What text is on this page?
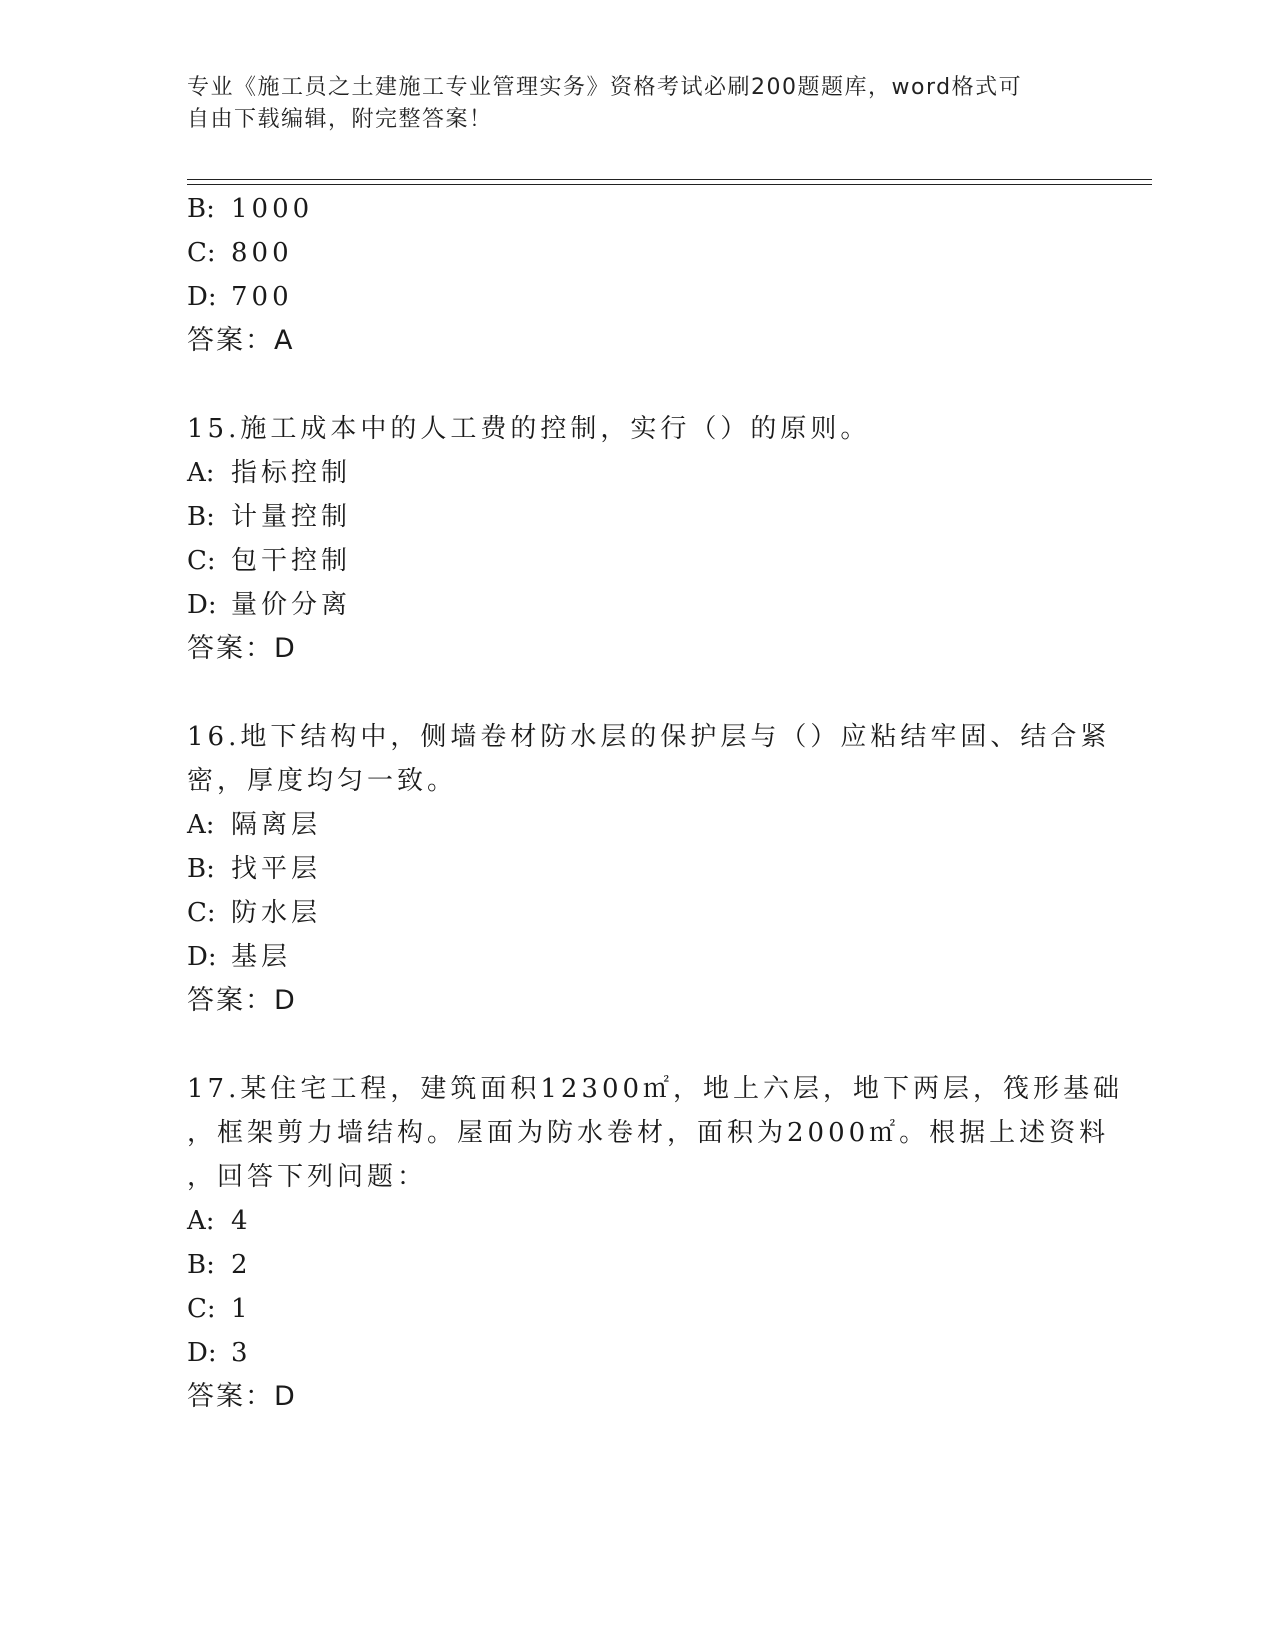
专业《施工员之土建施工专业管理实务》资格考试必刷200题题库，word格式可
自由下载编辑，附完整答案！
B: 1000
C: 800
D: 700
答案：A
15.施工成本中的人工费的控制，实行（）的原则。
A: 指标控制
B: 计量控制
C: 包干控制
D: 量价分离
答案：D
16.地下结构中，侧墙卷材防水层的保护层与（）应粘结牢固、结合紧
密，厚度均匀一致。
A: 隔离层
B: 找平层
C: 防水层
D: 基层
答案：D
17.某住宅工程，建筑面积12300㎡，地上六层，地下两层，筏形基础
，框架剪力墙结构。屋面为防水卷材，面积为2000㎡。根据上述资料
，回答下列问题：
A: 4
B: 2
C: 1
D: 3
答案：D
